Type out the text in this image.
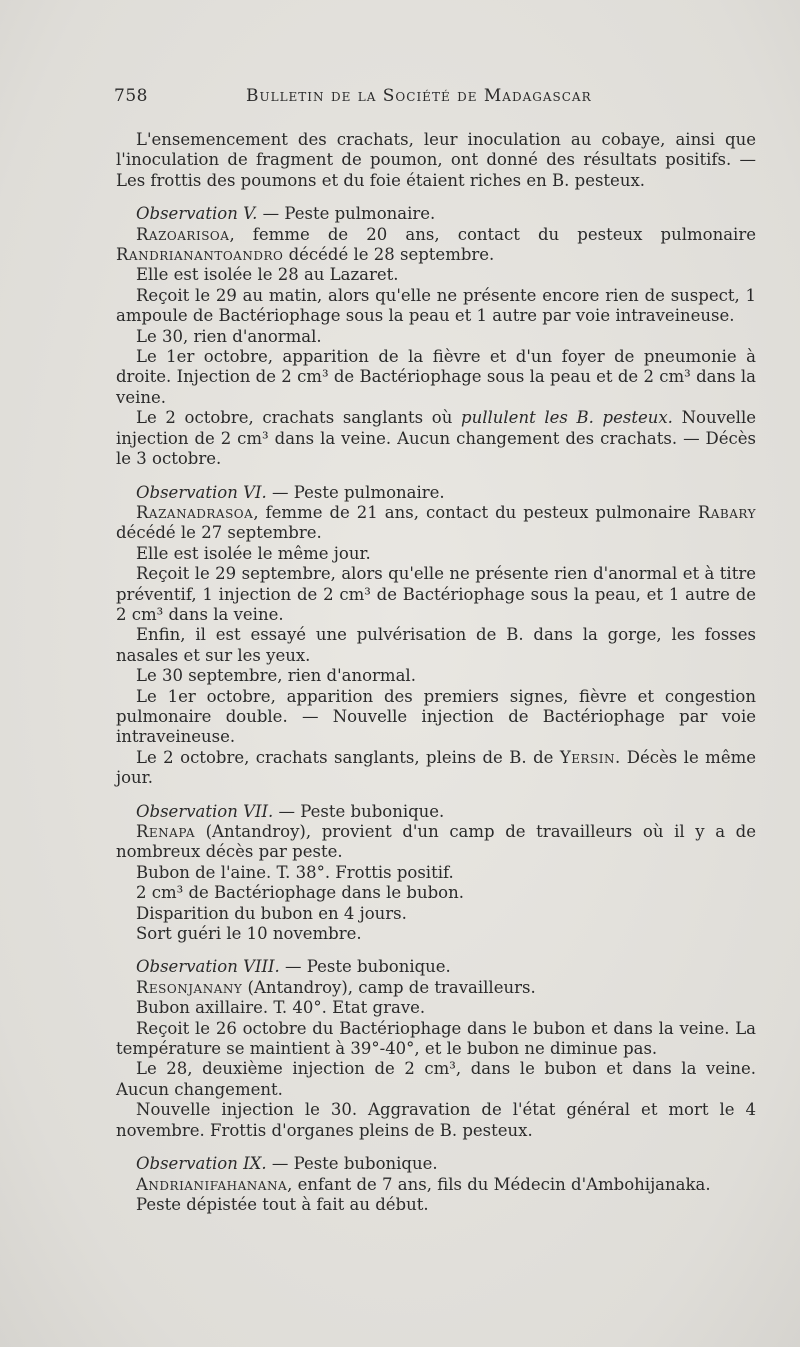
758	Bulletin de la Société de Madagascar

L'ensemencement des crachats, leur inoculation au cobaye, ainsi que l'inoculation de fragment de poumon, ont donné des résultats positifs. — Les frottis des poumons et du foie étaient riches en B. pesteux.

Observation V. — Peste pulmonaire.

Razoarisoa, femme de 20 ans, contact du pesteux pulmonaire Randrianantoandro décédé le 28 septembre.

Elle est isolée le 28 au Lazaret.

Reçoit le 29 au matin, alors qu'elle ne présente encore rien de suspect, 1 ampoule de Bactériophage sous la peau et 1 autre par voie intraveineuse.

Le 30, rien d'anormal.

Le 1er octobre, apparition de la fièvre et d'un foyer de pneumonie à droite. Injection de 2 cm³ de Bactériophage sous la peau et de 2 cm³ dans la veine.

Le 2 octobre, crachats sanglants où pullulent les B. pesteux. Nouvelle injection de 2 cm³ dans la veine. Aucun changement des crachats. — Décès le 3 octobre.

Observation VI. — Peste pulmonaire.

Razanadrasoa, femme de 21 ans, contact du pesteux pulmonaire Rabary décédé le 27 septembre.

Elle est isolée le même jour.

Reçoit le 29 septembre, alors qu'elle ne présente rien d'anormal et à titre préventif, 1 injection de 2 cm³ de Bactériophage sous la peau, et 1 autre de 2 cm³ dans la veine.

Enfin, il est essayé une pulvérisation de B. dans la gorge, les fosses nasales et sur les yeux.

Le 30 septembre, rien d'anormal.

Le 1er octobre, apparition des premiers signes, fièvre et congestion pulmonaire double. — Nouvelle injection de Bactériophage par voie intraveineuse.

Le 2 octobre, crachats sanglants, pleins de B. de Yersin. Décès le même jour.

Observation VII. — Peste bubonique.

Renapa (Antandroy), provient d'un camp de travailleurs où il y a de nombreux décès par peste.

Bubon de l'aine. T. 38°. Frottis positif.

2 cm³ de Bactériophage dans le bubon.

Disparition du bubon en 4 jours.

Sort guéri le 10 novembre.

Observation VIII. — Peste bubonique.

Resonjanany (Antandroy), camp de travailleurs.

Bubon axillaire. T. 40°. Etat grave.

Reçoit le 26 octobre du Bactériophage dans le bubon et dans la veine. La température se maintient à 39°-40°, et le bubon ne diminue pas.

Le 28, deuxième injection de 2 cm³, dans le bubon et dans la veine. Aucun changement.

Nouvelle injection le 30. Aggravation de l'état général et mort le 4 novembre. Frottis d'organes pleins de B. pesteux.

Observation IX. — Peste bubonique.

Andrianifahanana, enfant de 7 ans, fils du Médecin d'Ambohijanaka.

Peste dépistée tout à fait au début.
